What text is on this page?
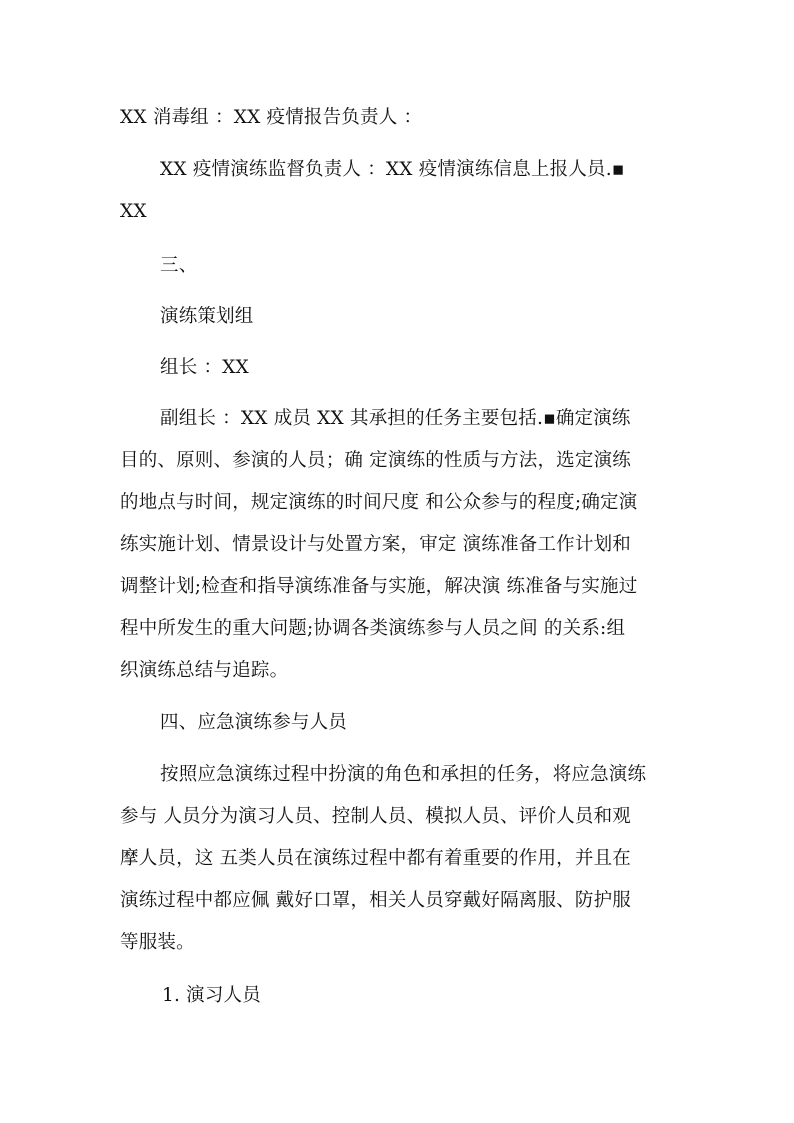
XX 消毒组 ：XX 疫情报告负责人 ：
XX 疫情演练监督负责人 ：XX 疫情演练信息上报人员.▪
XX
三、
演练策划组
组长 ：XX
副组长 ：XX 成员 XX 其承担的任务主要包括.▪确定演练
目的、原则、参演的人员；确 定演练的性质与方法，选定演练
的地点与时间，规定演练的时间尺度 和公众参与的程度;确定演
练实施计划、情景设计与处置方案，审定 演练准备工作计划和
调整计划;检查和指导演练准备与实施，解决演 练准备与实施过
程中所发生的重大问题;协调各类演练参与人员之间 的关系:组
织演练总结与追踪。
四、应急演练参与人员
按照应急演练过程中扮演的角色和承担的任务，将应急演练
参与 人员分为演习人员、控制人员、模拟人员、评价人员和观
摩人员，这 五类人员在演练过程中都有着重要的作用，并且在
演练过程中都应佩 戴好口罩，相关人员穿戴好隔离服、防护服
等服装。
1. 演习人员
